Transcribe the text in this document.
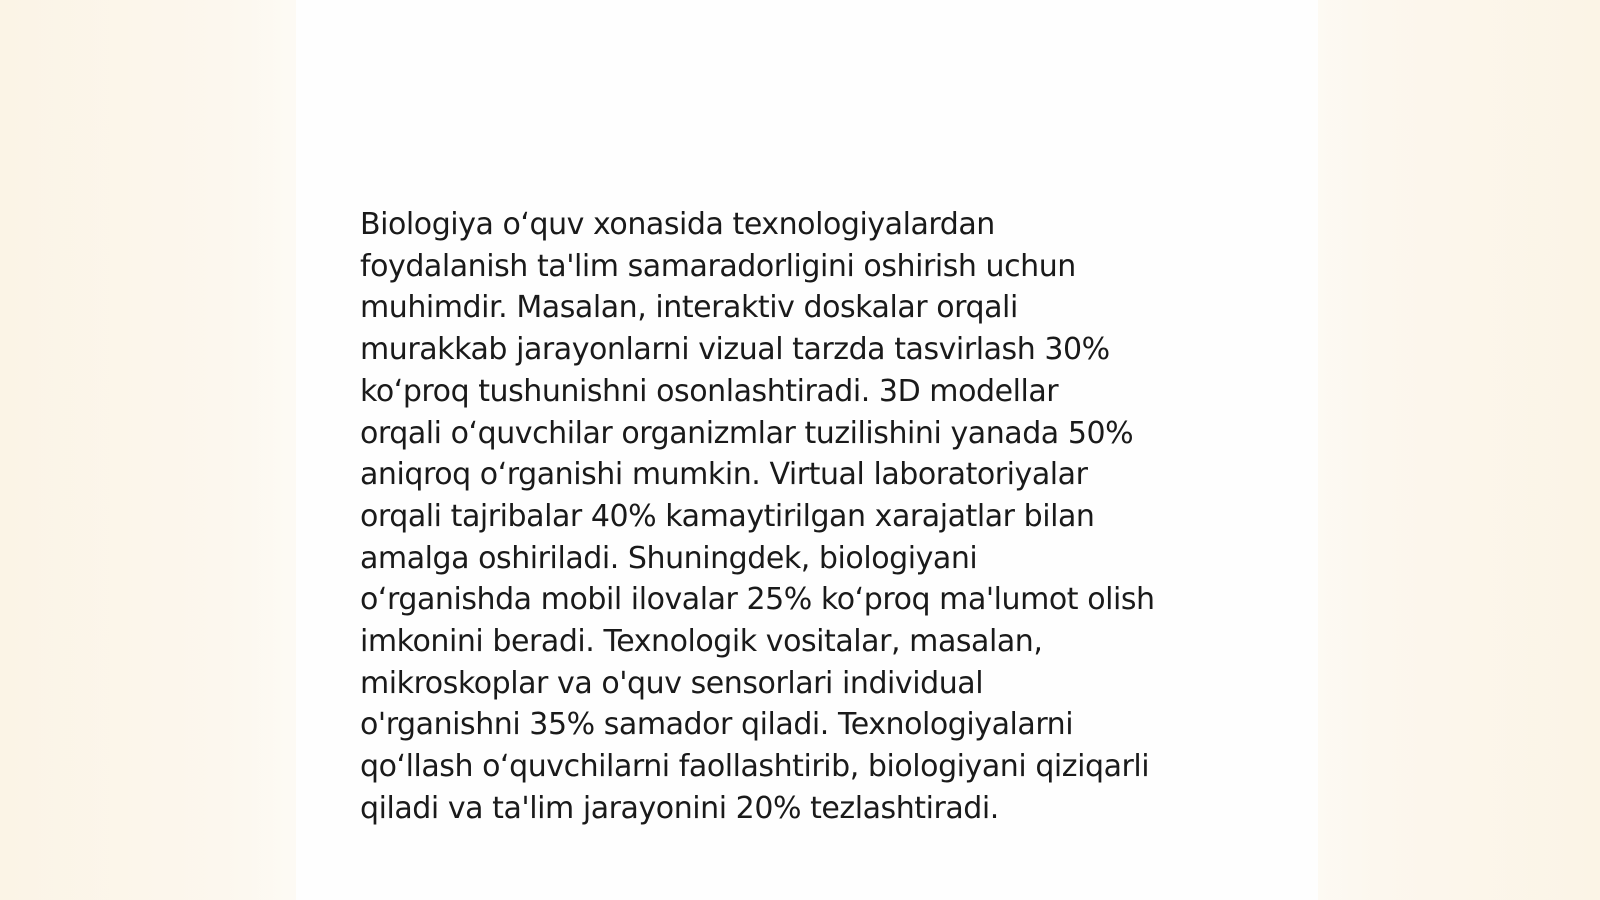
Biologiya o‘quv xonasida texnologiyalardan
foydalanish ta'lim samaradorligini oshirish uchun
muhimdir. Masalan, interaktiv doskalar orqali
murakkab jarayonlarni vizual tarzda tasvirlash 30%
ko‘proq tushunishni osonlashtiradi. 3D modellar
orqali o‘quvchilar organizmlar tuzilishini yanada 50%
aniqroq o‘rganishi mumkin. Virtual laboratoriyalar
orqali tajribalar 40% kamaytirilgan xarajatlar bilan
amalga oshiriladi. Shuningdek, biologiyani
o‘rganishda mobil ilovalar 25% ko‘proq ma'lumot olish
imkonini beradi. Texnologik vositalar, masalan,
mikroskoplar va o'quv sensorlari individual
o'rganishni 35% samador qiladi. Texnologiyalarni
qo‘llash o‘quvchilarni faollashtirib, biologiyani qiziqarli
qiladi va ta'lim jarayonini 20% tezlashtiradi.
